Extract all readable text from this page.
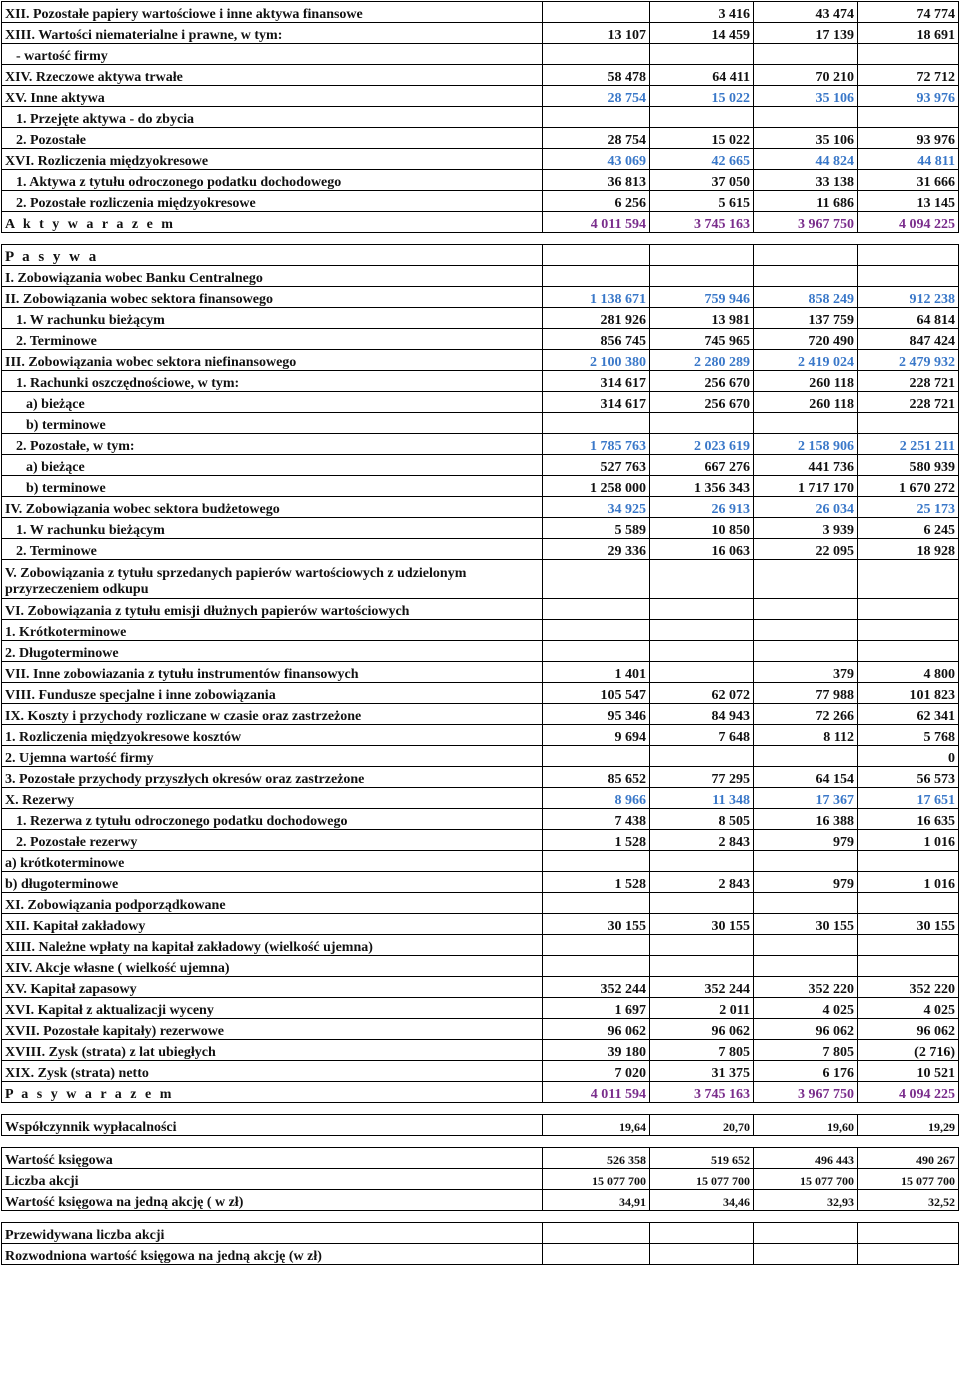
XII. Pozostałe papiery wartościowe i inne aktywa finansowe		3 416	43 474	74 774
XIII. Wartości niematerialne i prawne, w tym:	13 107	14 459	17 139	18 691
- wartość firmy				
XIV. Rzeczowe aktywa trwałe	58 478	64 411	70 210	72 712
XV. Inne aktywa	28 754	15 022	35 106	93 976
1. Przejęte aktywa - do zbycia				
2. Pozostałe	28 754	15 022	35 106	93 976
XVI. Rozliczenia międzyokresowe	43 069	42 665	44 824	44 811
1. Aktywa z tytułu odroczonego podatku dochodowego	36 813	37 050	33 138	31 666
2. Pozostałe rozliczenia międzyokresowe	6 256	5 615	11 686	13 145
A k t y w a r a z e m	4 011 594	3 745 163	3 967 750	4 094 225

P a s y w a				
I. Zobowiązania wobec Banku Centralnego				
II. Zobowiązania wobec sektora finansowego	1 138 671	759 946	858 249	912 238
1. W rachunku bieżącym	281 926	13 981	137 759	64 814
2. Terminowe	856 745	745 965	720 490	847 424
III. Zobowiązania wobec sektora niefinansowego	2 100 380	2 280 289	2 419 024	2 479 932
1. Rachunki oszczędnościowe, w tym:	314 617	256 670	260 118	228 721
a) bieżące	314 617	256 670	260 118	228 721
b) terminowe				
2. Pozostałe, w tym:	1 785 763	2 023 619	2 158 906	2 251 211
a) bieżące	527 763	667 276	441 736	580 939
b) terminowe	1 258 000	1 356 343	1 717 170	1 670 272
IV. Zobowiązania wobec sektora budżetowego	34 925	26 913	26 034	25 173
1. W rachunku bieżącym	5 589	10 850	3 939	6 245
2. Terminowe	29 336	16 063	22 095	18 928
V. Zobowiązania z tytułu sprzedanych papierów wartościowych z udzielonym przyrzeczeniem odkupu				
VI. Zobowiązania z tytułu emisji dłużnych papierów wartościowych				
1. Krótkoterminowe				
2. Długoterminowe				
VII. Inne zobowiazania z tytułu instrumentów finansowych	1 401		379	4 800
VIII. Fundusze specjalne i inne zobowiązania	105 547	62 072	77 988	101 823
IX. Koszty i przychody rozliczane w czasie oraz zastrzeżone	95 346	84 943	72 266	62 341
1. Rozliczenia międzyokresowe kosztów	9 694	7 648	8 112	5 768
2. Ujemna wartość firmy				0
3. Pozostałe przychody przyszłych okresów oraz zastrzeżone	85 652	77 295	64 154	56 573
X. Rezerwy	8 966	11 348	17 367	17 651
1. Rezerwa z tytułu odroczonego podatku dochodowego	7 438	8 505	16 388	16 635
2. Pozostałe rezerwy	1 528	2 843	979	1 016
a) krótkoterminowe				
b) długoterminowe	1 528	2 843	979	1 016
XI. Zobowiązania podporządkowane				
XII. Kapitał zakładowy	30 155	30 155	30 155	30 155
XIII. Należne wpłaty na kapitał zakładowy (wielkość ujemna)				
XIV. Akcje własne ( wielkość ujemna)				
XV. Kapitał zapasowy	352 244	352 244	352 220	352 220
XVI. Kapitał z aktualizacji wyceny	1 697	2 011	4 025	4 025
XVII. Pozostałe kapitały) rezerwowe	96 062	96 062	96 062	96 062
XVIII. Zysk (strata) z lat ubiegłych	39 180	7 805	7 805	(2 716)
XIX. Zysk (strata) netto	7 020	31 375	6 176	10 521
P a s y w a r a z e m	4 011 594	3 745 163	3 967 750	4 094 225

Współczynnik wypłacalności	19,64	20,70	19,60	19,29

Wartość księgowa	526 358	519 652	496 443	490 267
Liczba akcji	15 077 700	15 077 700	15 077 700	15 077 700
Wartość księgowa na jedną akcję ( w zł)	34,91	34,46	32,93	32,52

Przewidywana liczba akcji				
Rozwodniona wartość księgowa na jedną akcję (w zł)				
